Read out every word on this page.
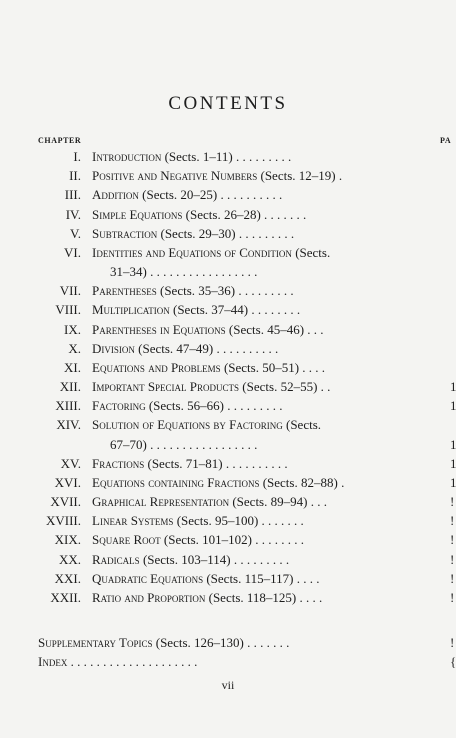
CONTENTS
CHAPTER	PA
I. Introduction (Sects. 1–11) . . . . . . . . .
II. Positive and Negative Numbers (Sects. 12–19) .
III. Addition (Sects. 20–25) . . . . . . . . . .
IV. Simple Equations (Sects. 26–28) . . . . . . .
V. Subtraction (Sects. 29–30) . . . . . . . . .
VI. Identities and Equations of Condition (Sects.
31–34) . . . . . . . . . . . . . . . . .
VII. Parentheses (Sects. 35–36) . . . . . . . . .
VIII. Multiplication (Sects. 37–44) . . . . . . . .
IX. Parentheses in Equations (Sects. 45–46) . . .
X. Division (Sects. 47–49) . . . . . . . . . .
XI. Equations and Problems (Sects. 50–51) . . . .
XII. Important Special Products (Sects. 52–55) . .	1
XIII. Factoring (Sects. 56–66) . . . . . . . . .	1
XIV. Solution of Equations by Factoring (Sects.
67–70) . . . . . . . . . . . . . . . . .	1
XV. Fractions (Sects. 71–81) . . . . . . . . . .	1
XVI. Equations containing Fractions (Sects. 82–88) .	1
XVII. Graphical Representation (Sects. 89–94) . . .	!
XVIII. Linear Systems (Sects. 95–100) . . . . . . .	!
XIX. Square Root (Sects. 101–102) . . . . . . . .	!
XX. Radicals (Sects. 103–114) . . . . . . . . .	!
XXI. Quadratic Equations (Sects. 115–117) . . . .	!
XXII. Ratio and Proportion (Sects. 118–125) . . . .	!
Supplementary Topics (Sects. 126–130) . . . . . . .	!
Index . . . . . . . . . . . . . . . . . . . .	{
vii
